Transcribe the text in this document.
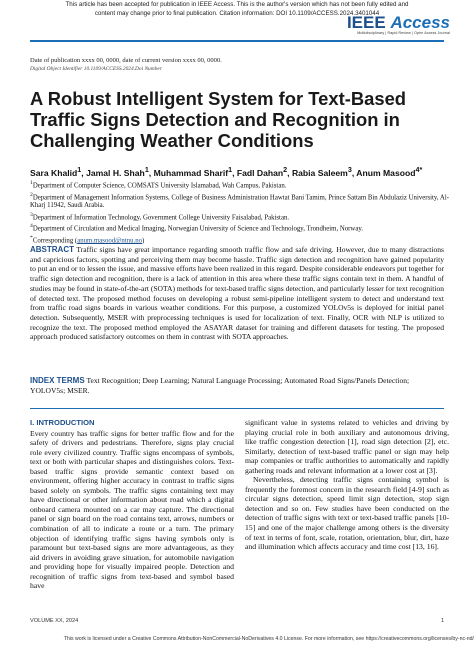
This article has been accepted for publication in IEEE Access. This is the author's version which has not been fully edited and
content may change prior to final publication. Citation information: DOI 10.1109/ACCESS.2024.3401044
IEEE Access
Multidisciplinary | Rapid Review | Open Access Journal
Date of publication xxxx 00, 0000, date of current version xxxx 00, 0000.
Digital Object Identifier 10.1109/ACCESS.2024.Doi Number
A Robust Intelligent System for Text-Based Traffic Signs Detection and Recognition in Challenging Weather Conditions
Sara Khalid$^1$, Jamal H. Shah$^1$, Muhammad Sharif$^1$, Fadl Dahan$^2$, Rabia Saleem$^3$, Anum Masood$^{4*}$

$^1$Department of Computer Science, COMSATS University Islamabad, Wah Campus, Pakistan.

$^2$Department of Management Information Systems, College of Business Administration Hawtat Bani Tamim, Prince Sattam Bin Abdulaziz University, Al-Kharj 11942, Saudi Arabia.

$^3$Department of Information Technology, Government College University Faisalabad, Pakistan.

$^4$Department of Circulation and Medical Imaging, Norwegian University of Science and Technology, Trondheim, Norway.

*Corresponding (anum.masood@ntnu.no)

ABSTRACT Traffic signs have great importance regarding smooth traffic flow and safe driving. However, due to many distractions and capricious factors, spotting and perceiving them may become hassle. Traffic sign detection and recognition have gained popularity to put an end or to lessen the issue, and massive efforts have been realized in this regard. Despite considerable endeavors put together for traffic sign detection and recognition, there is a lack of attention in this area where these traffic signs contain text in them. A handful of studies may be found in state-of-the-art (SOTA) methods for text-based traffic signs detection, and particularly lesser for text recognition of detected text. The proposed method focuses on developing a robust semi-pipeline intelligent system to detect and understand text from traffic road signs boards in various weather conditions. For this purpose, a customized YOLOv5s is deployed for initial panel detection. Subsequently, MSER with preprocessing techniques is used for localization of text. Finally, OCR with NLP is utilized to recognize the text. The proposed method employed the ASAYAR dataset for training and different datasets for testing. The proposed approach produced satisfactory outcomes on them in contrast with SOTA approaches.

INDEX TERMS Text Recognition; Deep Learning; Natural Language Processing; Automated Road Signs/Panels Detection; YOLOV5s; MSER.

I. INTRODUCTION

Every country has traffic signs for better traffic flow and for the safety of drivers and pedestrians. Therefore, signs play crucial role every civilized country. Traffic signs encompass of symbols, text or both with particular shapes and distinguishes colors. Text-based traffic signs provide semantic context based on environment, offering higher accuracy in contrast to traffic signs based solely on symbols. The traffic signs containing text may have directional or other information about road which a digital onboard camera mounted on a car may capture. The directional panel or sign board on the road contains text, arrows, numbers or combination of all to indicate a route or a turn. The primary objection of identifying traffic signs having symbols only is paramount but text-based signs are more advantageous, as they aid drivers in avoiding grave situation, for automobile navigation and providing hope for visually impaired people. Detection and recognition of traffic signs from text-based and symbol based have

significant value in systems related to vehicles and driving by playing crucial role in both auxiliary and autonomous driving, like traffic congestion detection [1], road sign detection [2], etc. Similarly, detection of text-based traffic panel or sign may help map companies or traffic authorities to automatically and rapidly gathering roads and relevant information at a lower cost at [3].

Nevertheless, detecting traffic signs containing symbol is frequently the foremost concern in the research field [4-9] such as circular signs detection, speed limit sign detection, stop sign detection and so on. Few studies have been conducted on the detection of traffic signs with text or text-based traffic panels [10-15] and one of the major challenge among others is the diversity of text in terms of font, scale, rotation, orientation, blur, dirt, haze and illumination which affects accuracy and time cost [13, 16].

VOLUME XX, 2024	1
This work is licensed under a Creative Commons Attribution-NonCommercial-NoDerivatives 4.0 License. For more information, see https://creativecommons.org/licenses/by-nc-nd/
